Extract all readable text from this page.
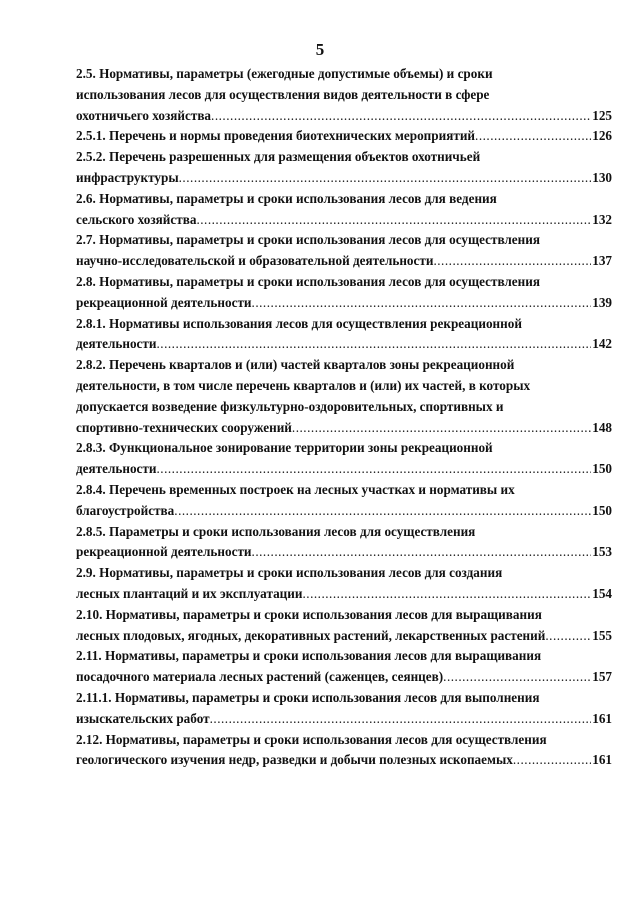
5
2.5. Нормативы, параметры (ежегодные допустимые объемы) и сроки
использования лесов для осуществления видов деятельности в сфере
охотничьего хозяйства .....	125
2.5.1. Перечень и нормы проведения биотехнических мероприятий .....	126
2.5.2. Перечень разрешенных для размещения объектов охотничьей
инфраструктуры .....	130
2.6. Нормативы, параметры и сроки использования лесов для ведения
сельского хозяйства .....	132
2.7. Нормативы, параметры и сроки использования лесов для осуществления
научно-исследовательской и образовательной деятельности .....	137
2.8. Нормативы, параметры и сроки использования лесов для осуществления
рекреационной деятельности .....	139
2.8.1. Нормативы использования лесов для осуществления рекреационной
деятельности .....	142
2.8.2. Перечень кварталов и (или) частей кварталов зоны рекреационной
деятельности, в том числе перечень кварталов и (или) их частей, в которых
допускается возведение физкультурно-оздоровительных, спортивных и
спортивно-технических сооружений .....	148
2.8.3. Функциональное зонирование территории зоны рекреационной
деятельности .....	150
2.8.4. Перечень временных построек на лесных участках и нормативы их
благоустройства .....	150
2.8.5. Параметры и сроки использования лесов для осуществления
рекреационной деятельности .....	153
2.9. Нормативы, параметры и сроки использования лесов для создания
лесных плантаций и их эксплуатации .....	154
2.10. Нормативы, параметры и сроки использования лесов для выращивания
лесных плодовых, ягодных, декоративных растений, лекарственных растений .....	155
2.11. Нормативы, параметры и сроки использования лесов для выращивания
посадочного материала лесных растений (саженцев, сеянцев) .....	157
2.11.1. Нормативы, параметры и сроки использования лесов для выполнения
изыскательских работ .....	161
2.12. Нормативы, параметры и сроки использования лесов для осуществления
геологического изучения недр, разведки и добычи полезных ископаемых .....	161
